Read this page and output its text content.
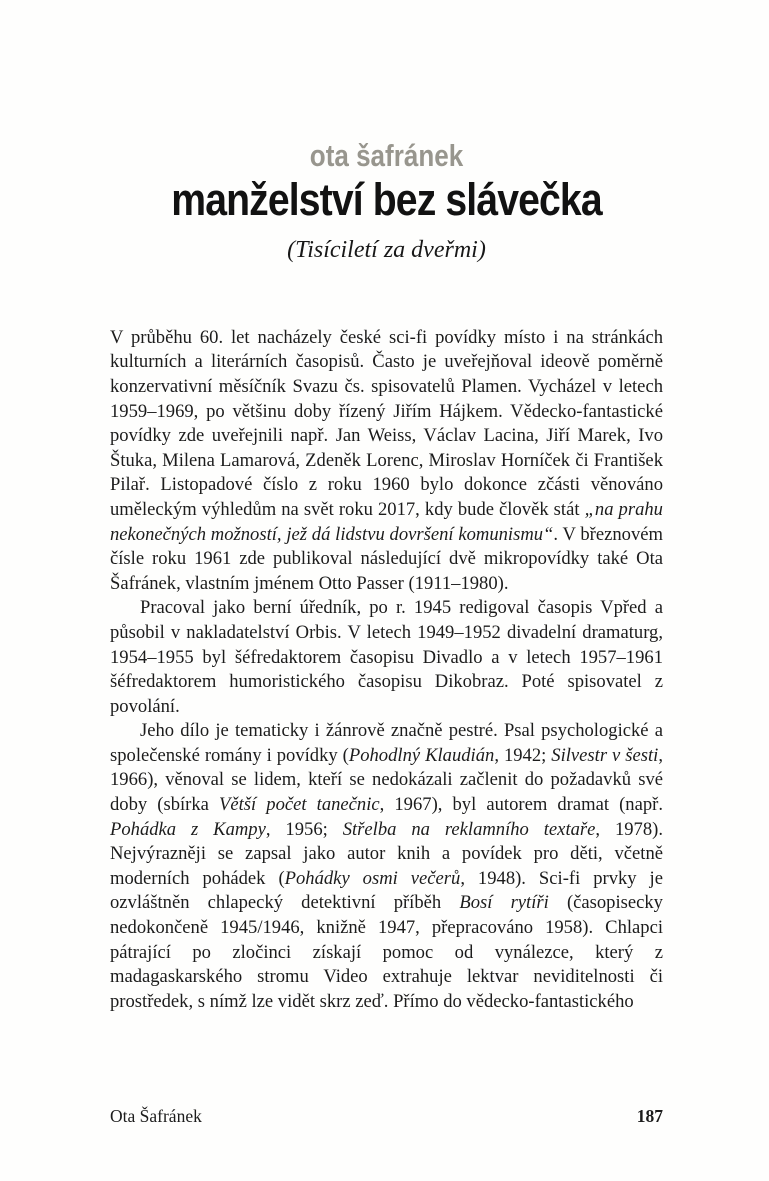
ota šafránek
manželství bez slávečka
(Tisíciletí za dveřmi)

V průběhu 60. let nacházely české sci-fi povídky místo i na stránkách kulturních a literárních časopisů. Často je uveřejňoval ideově poměrně konzervativní měsíčník Svazu čs. spisovatelů Plamen. Vycházel v letech 1959–1969, po většinu doby řízený Jiřím Hájkem. Vědecko-fantastické povídky zde uveřejnili např. Jan Weiss, Václav Lacina, Jiří Marek, Ivo Štuka, Milena Lamarová, Zdeněk Lorenc, Miroslav Horníček či František Pilař. Listopadové číslo z roku 1960 bylo dokonce zčásti věnováno uměleckým výhledům na svět roku 2017, kdy bude člověk stát „na prahu nekonečných možností, jež dá lidstvu dovršení komunismu“. V březnovém čísle roku 1961 zde publikoval následující dvě mikropovídky také Ota Šafránek, vlastním jménem Otto Passer (1911–1980).

Pracoval jako berní úředník, po r. 1945 redigoval časopis Vpřed a působil v nakladatelství Orbis. V letech 1949–1952 divadelní dramaturg, 1954–1955 byl šéfredaktorem časopisu Divadlo a v letech 1957–1961 šéfredaktorem humoristického časopisu Dikobraz. Poté spisovatel z povolání.

Jeho dílo je tematicky i žánrově značně pestré. Psal psychologické a společenské romány i povídky (Pohodlný Klaudián, 1942; Silvestr v šesti, 1966), věnoval se lidem, kteří se nedokázali začlenit do požadavků své doby (sbírka Větší počet tanečnic, 1967), byl autorem dramat (např. Pohádka z Kampy, 1956; Střelba na reklamního textaře, 1978). Nejvýrazněji se zapsal jako autor knih a povídek pro děti, včetně moderních pohádek (Pohádky osmi večerů, 1948). Sci-fi prvky je ozvláštněn chlapecký detektivní příběh Bosí rytíři (časopisecky nedokončeně 1945/1946, knižně 1947, přepracováno 1958). Chlapci pátrající po zločinci získají pomoc od vynálezce, který z madagaskarského stromu Video extrahuje lektvar neviditelnosti či prostředek, s nímž lze vidět skrz zeď. Přímo do vědecko-fantastického

Ota Šafránek	187
